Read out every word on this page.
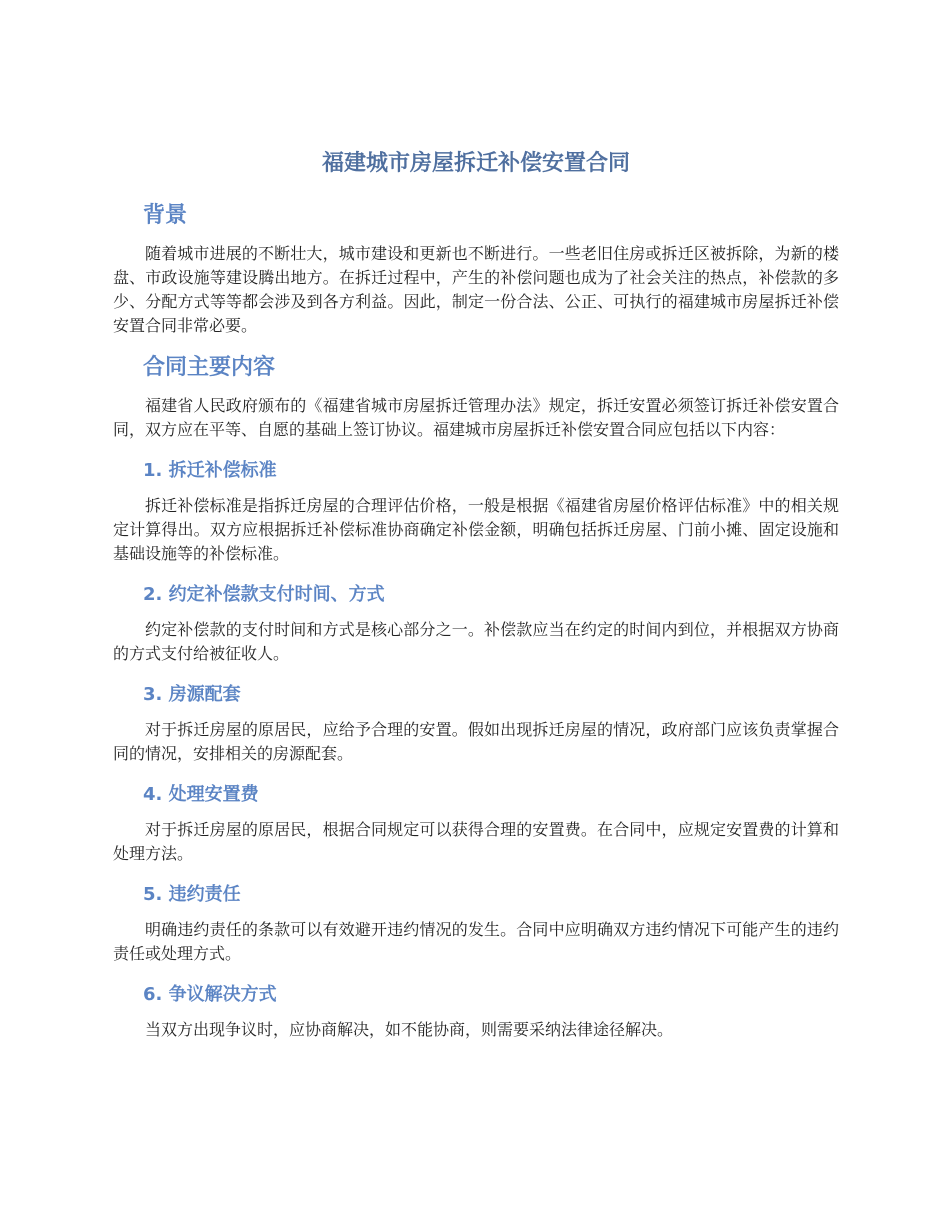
福建城市房屋拆迁补偿安置合同
背景

随着城市进展的不断壮大，城市建设和更新也不断进行。一些老旧住房或拆迁区被拆除，为新的楼盘、市政设施等建设腾出地方。在拆迁过程中，产生的补偿问题也成为了社会关注的热点，补偿款的多少、分配方式等等都会涉及到各方利益。因此，制定一份合法、公正、可执行的福建城市房屋拆迁补偿安置合同非常必要。

合同主要内容

福建省人民政府颁布的《福建省城市房屋拆迁管理办法》规定，拆迁安置必须签订拆迁补偿安置合同，双方应在平等、自愿的基础上签订协议。福建城市房屋拆迁补偿安置合同应包括以下内容：

1. 拆迁补偿标准

拆迁补偿标准是指拆迁房屋的合理评估价格，一般是根据《福建省房屋价格评估标准》中的相关规定计算得出。双方应根据拆迁补偿标准协商确定补偿金额，明确包括拆迁房屋、门前小摊、固定设施和基础设施等的补偿标准。

2. 约定补偿款支付时间、方式

约定补偿款的支付时间和方式是核心部分之一。补偿款应当在约定的时间内到位，并根据双方协商的方式支付给被征收人。

3. 房源配套

对于拆迁房屋的原居民，应给予合理的安置。假如出现拆迁房屋的情况，政府部门应该负责掌握合同的情况，安排相关的房源配套。

4. 处理安置费

对于拆迁房屋的原居民，根据合同规定可以获得合理的安置费。在合同中，应规定安置费的计算和处理方法。

5. 违约责任

明确违约责任的条款可以有效避开违约情况的发生。合同中应明确双方违约情况下可能产生的违约责任或处理方式。

6. 争议解决方式

当双方出现争议时，应协商解决，如不能协商，则需要采纳法律途径解决。
